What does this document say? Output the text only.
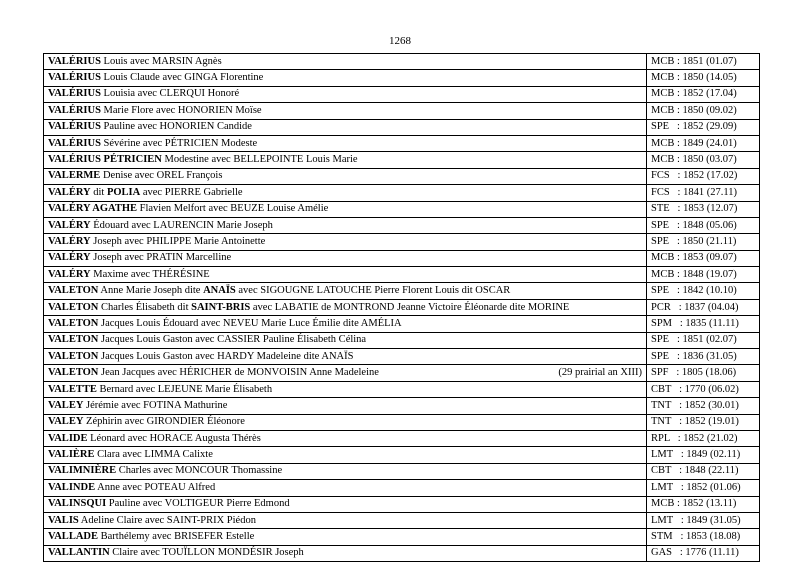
1268
VALÉRIUS Louis avec MARSIN Agnès	MCB : 1851 (01.07)

VALÉRIUS Louis Claude avec GINGA Florentine	MCB : 1850 (14.05)

VALÉRIUS Louisia avec CLERQUI Honoré	MCB : 1852 (17.04)

VALÉRIUS Marie Flore avec HONORIEN Moïse	MCB : 1850 (09.02)

VALÉRIUS Pauline avec HONORIEN Candide	SPE   : 1852 (29.09)

VALÉRIUS Sévérine avec PÉTRICIEN Modeste	MCB : 1849 (24.01)

VALÉRIUS PÉTRICIEN Modestine avec BELLEPOINTE Louis Marie	MCB : 1850 (03.07)

VALERME Denise avec OREL François	FCS   : 1852 (17.02)

VALÉRY dit POLIA avec PIERRE Gabrielle	FCS   : 1841 (27.11)

VALÉRY AGATHE Flavien Melfort avec BEUZE Louise Amélie	STE   : 1853 (12.07)

VALÉRY Édouard avec LAURENCIN Marie Joseph	SPE   : 1848 (05.06)

VALÉRY Joseph avec PHILIPPE Marie Antoinette	SPE   : 1850 (21.11)

VALÉRY Joseph avec PRATIN Marcelline	MCB : 1853 (09.07)

VALÉRY Maxime avec THÉRÉSINE	MCB : 1848 (19.07)

VALETON Anne Marie Joseph dite ANAÏS avec SIGOUGNE LATOUCHE Pierre Florent Louis dit OSCAR	SPE   : 1842 (10.10)

VALETON Charles Élisabeth dit SAINT-BRIS avec LABATIE de MONTROND Jeanne Victoire Éléonarde dite MORINE	PCR   : 1837 (04.04)

VALETON Jacques Louis Édouard avec NEVEU Marie Luce Émilie dite AMÉLIA	SPM   : 1835 (11.11)

VALETON Jacques Louis Gaston avec CASSIER Pauline Élisabeth Célina	SPE   : 1851 (02.07)

VALETON Jacques Louis Gaston avec HARDY Madeleine dite ANAÏS	SPE   : 1836 (31.05)

VALETON Jean Jacques avec HÉRICHER de MONVOISIN Anne Madeleine (29 prairial an XIII)	SPF   : 1805 (18.06)

VALETTE Bernard avec LEJEUNE Marie Élisabeth	CBT   : 1770 (06.02)

VALEY Jérémie avec FOTINA Mathurine	TNT   : 1852 (30.01)

VALEY Zéphirin avec GIRONDIER Éléonore	TNT   : 1852 (19.01)

VALIDE Léonard avec HORACE Augusta Thérès	RPL   : 1852 (21.02)

VALIÈRE Clara avec LIMMA Calixte	LMT   : 1849 (02.11)

VALIMNIÈRE Charles avec MONCOUR Thomassine	CBT   : 1848 (22.11)

VALINDE Anne avec POTEAU Alfred	LMT   : 1852 (01.06)

VALINSQUI Pauline avec VOLTIGEUR Pierre Edmond	MCB : 1852 (13.11)

VALIS Adeline Claire avec SAINT-PRIX Piédon	LMT   : 1849 (31.05)

VALLADE Barthélemy avec BRISEFER Estelle	STM   : 1853 (18.08)

VALLANTIN Claire avec TOUÏLLON MONDÉSIR Joseph	GAS   : 1776 (11.11)
